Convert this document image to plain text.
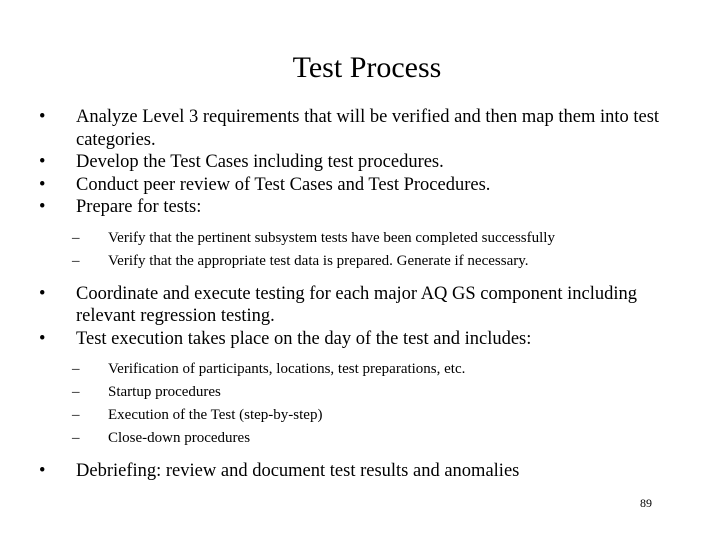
Test Process
•	Analyze Level 3 requirements that will be verified and then map them into test categories.
•	Develop the Test Cases including test procedures.
•	Conduct peer review of Test Cases and Test Procedures.
•	Prepare for tests:
–	Verify that the pertinent subsystem tests have been completed successfully
–	Verify that the appropriate test data is prepared. Generate if necessary.
•	Coordinate and execute testing for each major AQ GS component including relevant regression testing.
•	Test execution takes place on the day of the test and includes:
–	Verification of participants, locations, test preparations, etc.
–	Startup procedures
–	Execution of the Test (step-by-step)
–	Close-down procedures
•	Debriefing: review and document test results and anomalies
89
